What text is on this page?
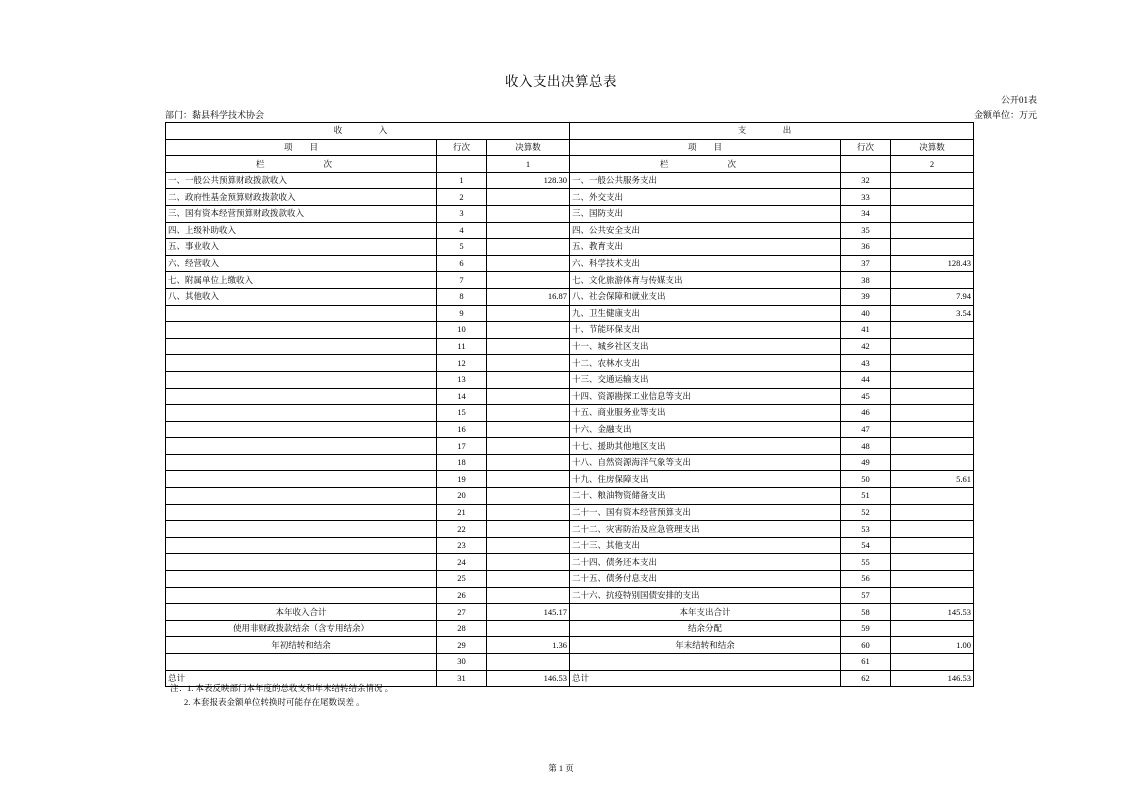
收入支出决算总表
公开01表
部门：黏县科学技术协会	金额单位：万元
收　入			支　出		
项　　目	行次	决算数	项　　目	行次	决算数
栏　　次		1	栏　　次		2
一、一般公共预算财政拨款收入	1	128.30	一、一般公共服务支出	32	
二、政府性基金预算财政拨款收入	2		二、外交支出	33	
三、国有资本经营预算财政拨款收入	3		三、国防支出	34	
四、上级补助收入	4		四、公共安全支出	35	
五、事业收入	5		五、教育支出	36	
六、经营收入	6		六、科学技术支出	37	128.43
七、附属单位上缴收入	7		七、文化旅游体育与传媒支出	38	
八、其他收入	8	16.87	八、社会保障和就业支出	39	7.94
	9		九、卫生健康支出	40	3.54
	10		十、节能环保支出	41	
	11		十一、城乡社区支出	42	
	12		十二、农林水支出	43	
	13		十三、交通运输支出	44	
	14		十四、资源勘探工业信息等支出	45	
	15		十五、商业服务业等支出	46	
	16		十六、金融支出	47	
	17		十七、援助其他地区支出	48	
	18		十八、自然资源海洋气象等支出	49	
	19		十九、住房保障支出	50	5.61
	20		二十、粮油物资储备支出	51	
	21		二十一、国有资本经营预算支出	52	
	22		二十二、灾害防治及应急管理支出	53	
	23		二十三、其他支出	54	
	24		二十四、债务还本支出	55	
	25		二十五、债务付息支出	56	
	26		二十六、抗疫特别国债安排的支出	57	
本年收入合计	27	145.17	本年支出合计	58	145.53
使用非财政拨款结余（含专用结余）	28		结余分配	59	
年初结转和结余	29	1.36	年末结转和结余	60	1.00
	30			61	
总计	31	146.53	总计	62	146.53
注：1. 本表反映部门本年度的总收支和年末结转结余情况 。
2. 本套报表金额单位转换时可能存在尾数误差 。
第 1 页
